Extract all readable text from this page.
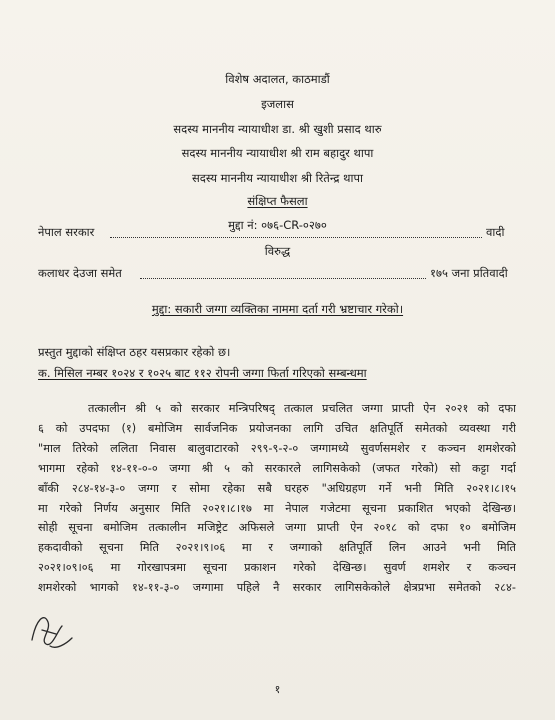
विशेष अदालत, काठमाडौं
इजलास
सदस्य माननीय न्यायाधीश डा. श्री खुशी प्रसाद थारु
सदस्य माननीय न्यायाधीश श्री राम बहादुर थापा
सदस्य माननीय न्यायाधीश श्री रितेन्द्र थापा
संक्षिप्त फैसला
मुद्दा नं: ०७६-CR-०२७०
नेपाल सरकार	वादी
विरुद्ध
कलाधर देउजा समेत	१७५ जना प्रतिवादी
मुद्दा: सकारी जग्गा व्यक्तिका नाममा दर्ता गरी भ्रष्टाचार गरेको।
प्रस्तुत मुद्दाको संक्षिप्त ठहर यसप्रकार रहेको छ।
क. मिसिल नम्बर १०२४ र १०२५ बाट ११२ रोपनी जग्गा फिर्ता गरिएको सम्बन्धमा
तत्कालीन श्री ५ को सरकार मन्त्रिपरिषद् तत्काल प्रचलित जग्गा प्राप्ती ऐन २०२१ को दफा
६ को उपदफा (१) बमोजिम सार्वजनिक प्रयोजनका लागि उचित क्षतिपूर्ति समेतको व्यवस्था गरी
"माल तिरेको ललिता निवास बालुवाटारको २९९-९-२-० जग्गामध्ये सुवर्णसमशेर र कञ्चन शमशेरको
भागमा रहेको १४-११-०-० जग्गा श्री ५ को सरकारले लागिसकेको (जफत गरेको) सो कट्टा गर्दा
बाँकी २८४-१४-३-० जग्गा र सोमा रहेका सबै घरहरु "अधिग्रहण गर्ने भनी मिति २०२१।८।१५
मा गरेको निर्णय अनुसार मिति २०२१।८।१७ मा नेपाल गजेटमा सूचना प्रकाशित भएको देखिन्छ।
सोही सूचना बमोजिम तत्कालीन मजिष्ट्रेट अफिसले जग्गा प्राप्ती ऐन २०१८ को दफा १० बमोजिम
हकदावीको सूचना मिति २०२१।९।०६ मा र जग्गाको क्षतिपूर्ति लिन आउने भनी मिति
२०२१।०९।०६ मा गोरखापत्रमा सूचना प्रकाशन गरेको देखिन्छ। सुवर्ण शमशेर र कञ्चन
शमशेरको भागको १४-११-३-० जग्गामा पहिले नै सरकार लागिसकेकोले क्षेत्रप्रभा समेतको २८४-
१
